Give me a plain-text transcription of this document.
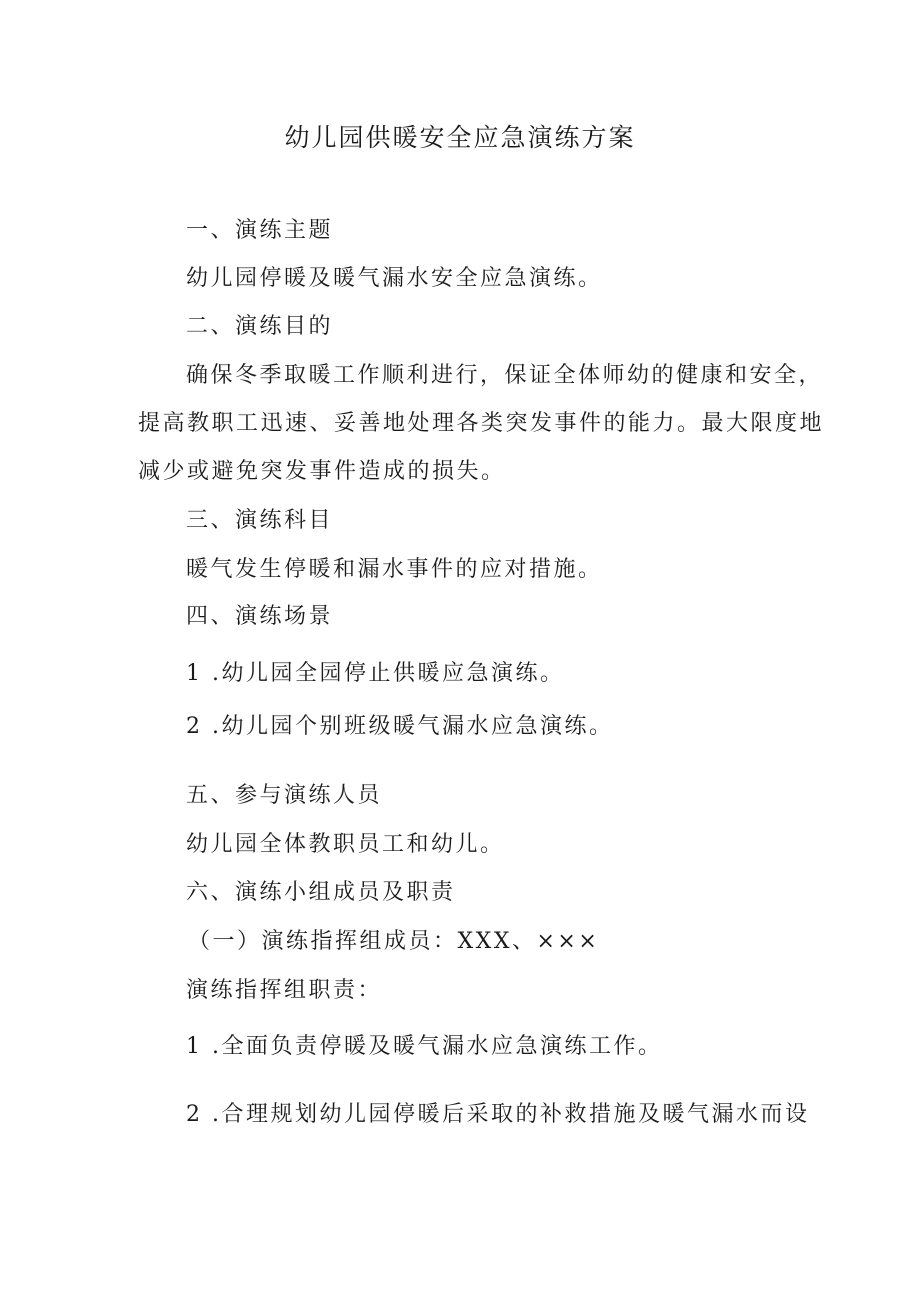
幼儿园供暖安全应急演练方案

一、演练主题

幼儿园停暖及暖气漏水安全应急演练。

二、演练目的

确保冬季取暖工作顺利进行，保证全体师幼的健康和安全，

提高教职工迅速、妥善地处理各类突发事件的能力。最大限度地

减少或避免突发事件造成的损失。

三、演练科目

暖气发生停暖和漏水事件的应对措施。

四、演练场景

1 .幼儿园全园停止供暖应急演练。

2 .幼儿园个别班级暖气漏水应急演练。

五、参与演练人员

幼儿园全体教职员工和幼儿。

六、演练小组成员及职责

（一）演练指挥组成员：XXX、×××

演练指挥组职责：

1 .全面负责停暖及暖气漏水应急演练工作。

2 .合理规划幼儿园停暖后采取的补救措施及暖气漏水而设
